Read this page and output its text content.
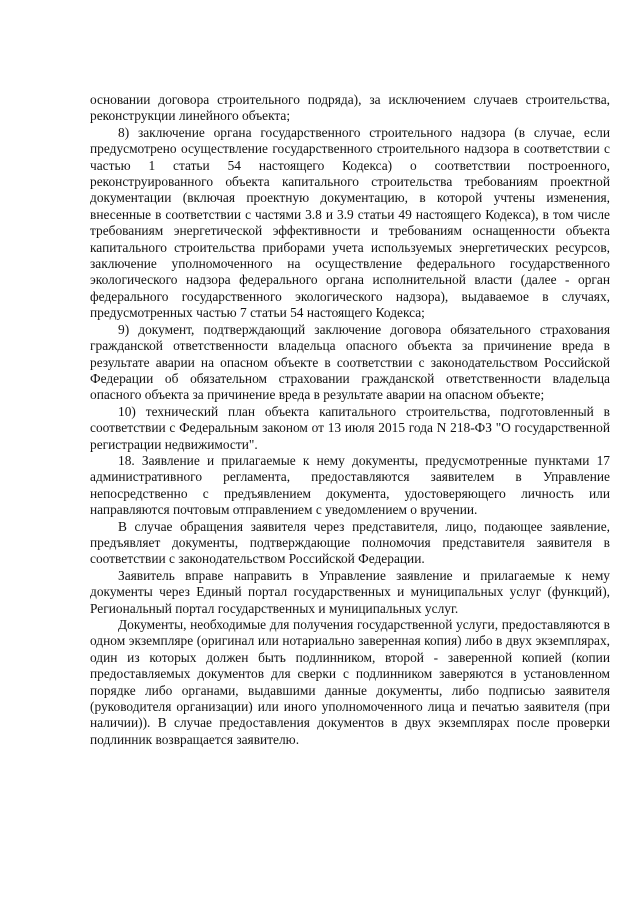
основании договора строительного подряда), за исключением случаев строительства, реконструкции линейного объекта;

8) заключение органа государственного строительного надзора (в случае, если предусмотрено осуществление государственного строительного надзора в соответствии с частью 1 статьи 54 настоящего Кодекса) о соответствии построенного, реконструированного объекта капитального строительства требованиям проектной документации (включая проектную документацию, в которой учтены изменения, внесенные в соответствии с частями 3.8 и 3.9 статьи 49 настоящего Кодекса), в том числе требованиям энергетической эффективности и требованиям оснащенности объекта капитального строительства приборами учета используемых энергетических ресурсов, заключение уполномоченного на осуществление федерального государственного экологического надзора федерального органа исполнительной власти (далее - орган федерального государственного экологического надзора), выдаваемое в случаях, предусмотренных частью 7 статьи 54 настоящего Кодекса;

9) документ, подтверждающий заключение договора обязательного страхования гражданской ответственности владельца опасного объекта за причинение вреда в результате аварии на опасном объекте в соответствии с законодательством Российской Федерации об обязательном страховании гражданской ответственности владельца опасного объекта за причинение вреда в результате аварии на опасном объекте;

10) технический план объекта капитального строительства, подготовленный в соответствии с Федеральным законом от 13 июля 2015 года N 218-ФЗ "О государственной регистрации недвижимости".

18. Заявление и прилагаемые к нему документы, предусмотренные пунктами 17 административного регламента, предоставляются заявителем в Управление непосредственно с предъявлением документа, удостоверяющего личность или направляются почтовым отправлением с уведомлением о вручении.

В случае обращения заявителя через представителя, лицо, подающее заявление, предъявляет документы, подтверждающие полномочия представителя заявителя в соответствии с законодательством Российской Федерации.

Заявитель вправе направить в Управление заявление и прилагаемые к нему документы через Единый портал государственных и муниципальных услуг (функций), Региональный портал государственных и муниципальных услуг.

Документы, необходимые для получения государственной услуги, предоставляются в одном экземпляре (оригинал или нотариально заверенная копия) либо в двух экземплярах, один из которых должен быть подлинником, второй - заверенной копией (копии предоставляемых документов для сверки с подлинником заверяются в установленном порядке либо органами, выдавшими данные документы, либо подписью заявителя (руководителя организации) или иного уполномоченного лица и печатью заявителя (при наличии)). В случае предоставления документов в двух экземплярах после проверки подлинник возвращается заявителю.
